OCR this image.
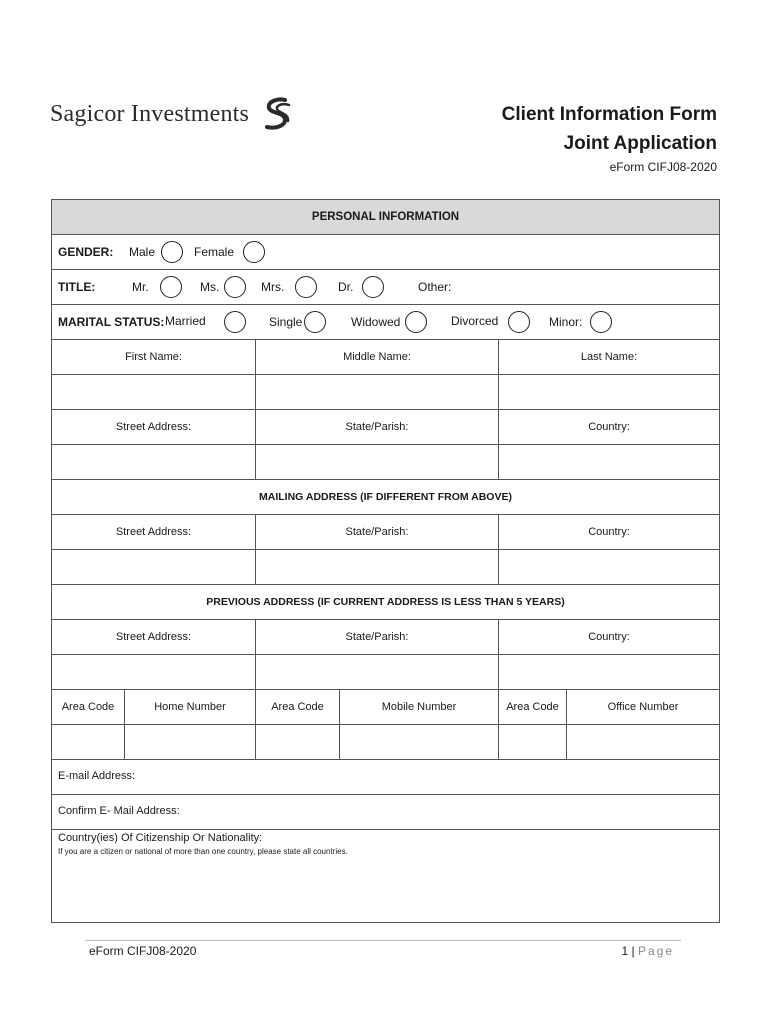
Sagicor Investments	Client Information Form
Joint Application
eForm CIFJ08-2020
PERSONAL INFORMATION
GENDER: Male	Female
TITLE:	Mr.	Ms.	Mrs.	Dr.	Other:
MARITAL STATUS: Married	Single	Widowed	Divorced	Minor:
First Name:	Middle Name:	Last Name:
Street Address:	State/Parish:	Country:
MAILING ADDRESS (IF DIFFERENT FROM ABOVE)
Street Address:	State/Parish:	Country:
PREVIOUS ADDRESS (IF CURRENT ADDRESS IS LESS THAN 5 YEARS)
Street Address:	State/Parish:	Country:
Area Code	Home Number	Area Code	Mobile Number	Area Code	Office Number
E-mail Address:
Confirm E- Mail Address:
Country(ies) Of Citizenship Or Nationality:
If you are a citizen or national of more than one country, please state all countries.
eForm CIFJ08-2020	1 | Page
